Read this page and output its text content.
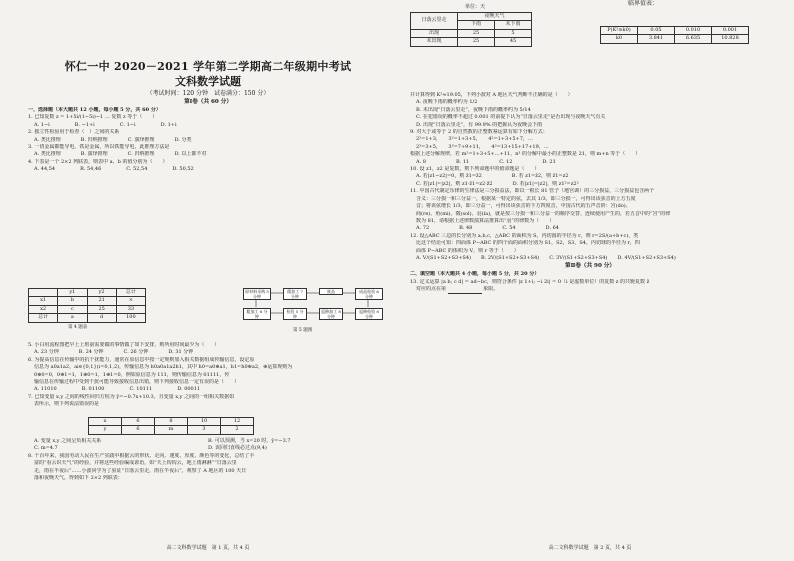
怀仁一中 2020－2021 学年第二学期高二年级期中考试
文科数学试题
（考试时间：120 分钟　试卷满分：150 分）
第Ⅰ卷（共 60 分）
一、选择题（本大题共 12 小题，每小题 5 分，共 60 分）
1. 已知复数 z = 1+5i/(1−5i)−1 … 复数 z 等于（　　）
A. 1−i　　　　　B. −1+i　　　　　C. 1−i　　　　　D. 1+i
2. 独立性检验用于检查（　）之间的关系
A. 类比推理　　　　B. 归纳推理　　　　C. 演绎推理　　　　D. 分类
3. 一切金属都能导电，铁是金属，所以铁能导电，此推理方法是
A. 类比推理　　　　B. 演绎推理　　　　C. 归纳推理　　　　D. 以上都不对
4. 下表是一个 2×2 列联表，则表中 a、b 的值分别为（　　）
A. 44,54　　　　　B. 54,46　　　　　C. 52,54　　　　　D. 50,52
	y1	y2	总计
x1	b	21	×
x2	c	25	33
总计	a	d	100
第 4 题表
原材料采购 5 分钟
精加工 7 分钟
废品	成品检验 6 分钟
粗加工 6 分钟
检验 5 分钟
返修加工 8 分钟
返修检验 8 分钟
第 5 题图
5. 小白用流程图把早上上班前需要做的事情做了如下安排，则所用时间最少为（　　）
A. 23 分钟　　　　B. 24 分钟　　　　C. 26 分钟　　　　D. 31 分钟
6. 为提高信息在传输中的抗干扰能力，通常在原信息中按一定规则加入相关数据组成传输信息，设定原
信息为 a0a1a2，ai∈{0,1}(i=0,1,2)，传输信息为 h0a0a1a2h1，其中 h0=a0⊕a1，h1=h0⊕a2，⊕运算规则为
0⊕0=0，0⊕1=1，1⊕0=1，1⊕1=0，例如原信息为 111，则传输信息为 01111，传
输信息在传输过程中受到干扰可能导致接收信息出错，则下列接收信息一定有误的是（　　）
A. 11010　　　　　B. 01100　　　　　C. 10111　　　　　D. 00011
7. 已知变量 x,y 之间的线性回归方程为 ŷ=−0.7x+10.3，且变量 x,y 之间的一组相关数据如
表所示，则下列说法错误的是
x	6	8	10	12
y	6	m	3	2
A. 变量 x,y 之间呈负相关关系	B. 可以预测，当 x=20 时，ŷ=−3.7
C. m=4.7	D. 该回归直线必过点(9,4)
8. 千百年来，我国劳动人民在生产实践中根据云的形状、走向、速度、厚度、颜色等的变化，总结了丰
富的“看云识天气”的经验，并将这些经验编成谚语，如“天上钩钩云，地上雨淋淋”“日落云里
走，雨在半夜后”……小波同学为了验证“日落云里走，雨在半夜后”，观察了 A 地区的 100 天日
落和夜晚天气，得到如下 2×2 列联表：
高二文科数学试题　第 1 页，共 4 页
单位：天	临界值表：
日落云里走	夜晚天气	
	下雨	未下雨
出现	25	5
未出现	25	45
P(K²≥k0)	0.05	0.010	0.001
k0	3.841	6.635	10.828
并计算得到 K²≈19.05，下列小波对 A 地区天气判断不正确的是（　　）
A. 夜晚下雨的概率约为 1/2
B. 未出现“日落云里走”，夜晚下雨的概率约为 5/14
C. 在犯错误的概率不超过 0.001 的前提下认为“日落云里走”是否出现与夜晚天气有关
D. 出现“日落云里走”，有 99.9% 的把握认为夜晚会下雨
9. 对大于或等于 2 的自然数的正整数幂运算有如下分解方式：
2²=1+3，　　3²=1+3+5，　　4²=1+3+5+7，…
2³=3+5，　　3³=7+9+11，　　4³=13+15+17+19，…
根据上述分解规律，若 m²=1+3+5+…+11，n³ 的分解中最小的正整数是 21，则 m+n 等于（　　）
A. 8　　　　　　B. 11　　　　　　C. 12　　　　　　D. 21
10. 设 z1，z2 是复数，则下列命题中的假命题是（　　）
A. 若|z1−z2|=0，则 z̄1=z̄2　　　　　　B. 若 z1=z̄2，则 z̄1=z2
C. 若|z1|=|z2|，则 z1·z̄1=z2·z̄2　　　　D. 若|z1|=|z2|，则 z1²=z2²
11. 中国古代制定乐律的生律法是三分损益法，即以一根长 81 管子（地宫调）的三分损益，三分损益包含两个
含义：三分损一和三分益一，根据某一特定的弦，去其 1/3，即三分损一，可得出该弦音的上方五度
音；将该弦增长 1/3，即三分益一，可得出该弦音的下方四度音，中国古代的五声音阶：宫(do)、
商(re)、角(mi)、徵(sol)、羽(la)，就是按三分损一和三分益一的顺序交替、连续使用产生的，若五音中的“宫”的律
数为 81，请根据上述律数演算法推算出“羽”的律数为（　　）
A. 72　　　　　　B. 48　　　　　　C. 54　　　　　　D. 64
12. 设△ABC 三边的长分别为 a,b,c，△ABC 的面积为 S，内切圆的半径为 r，则 r=2S/(a+b+c)，类
比这个结论可知：四面体 P−ABC 的四个面的面积分别为 S1，S2，S3，S4，内切球的半径为 r，四
面体 P−ABC 的体积为 V，则 r 等于（　　）
A. V/(S1+S2+S3+S4)　　B. 2V/(S1+S2+S3+S4)　　C. 3V/(S1+S2+S3+S4)　　D. 4V/(S1+S2+S3+S4)
第Ⅱ卷（共 90 分）
二、填空题（本大题共 4 小题，每小题 5 分，共 20 分）
13. 定义运算 |a b; c d| = ad−bc，则符合条件 |z 1+i; −i 2i| = 0（i 是虚数单位）的复数 z 的共轭复数 z̄
对应的点在第	象限。
高二文科数学试题　第 2 页，共 4 页
